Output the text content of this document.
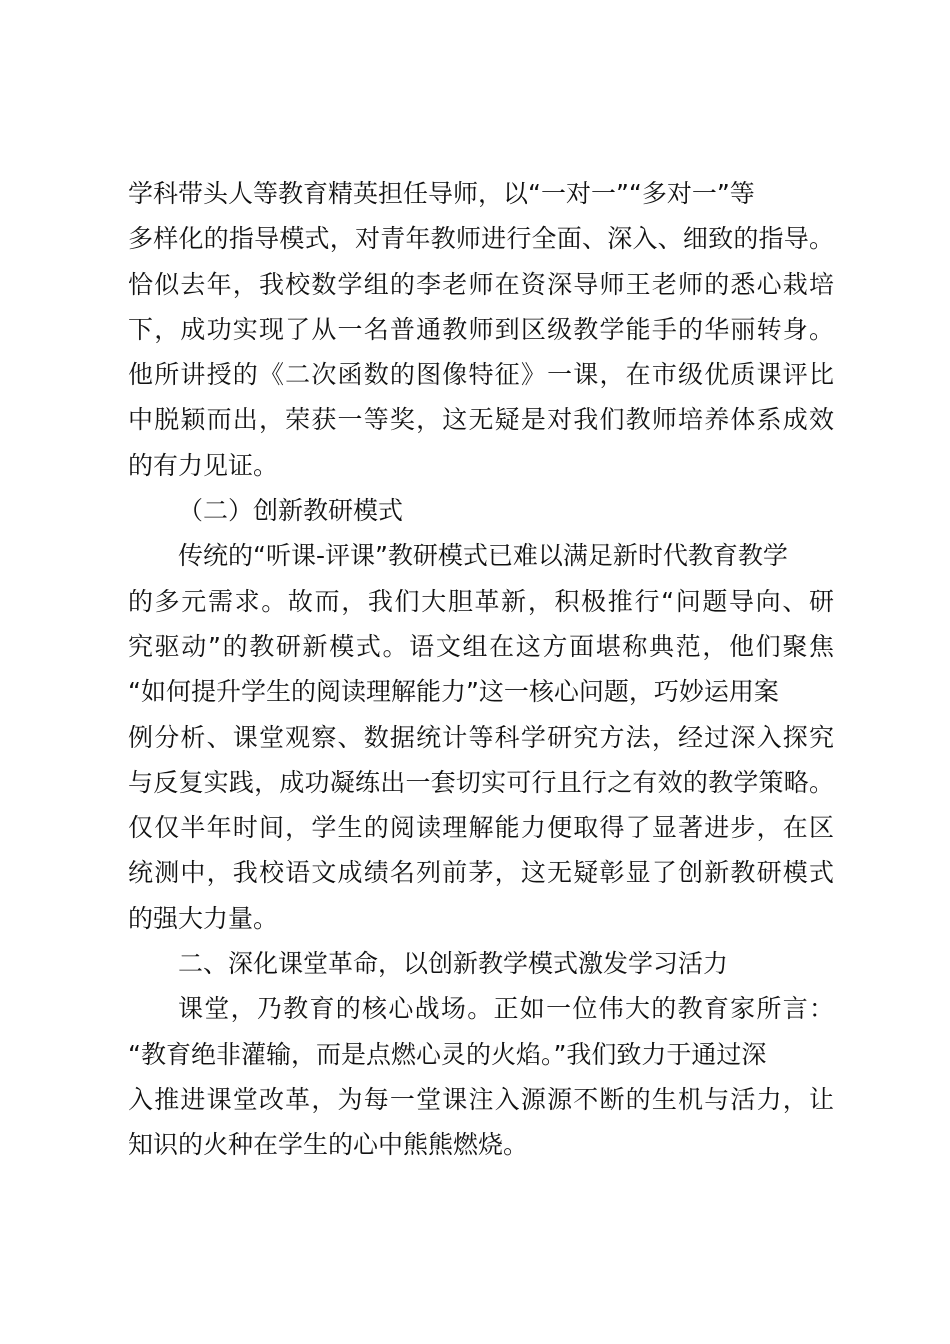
学科带头人等教育精英担任导师，以“一对一”“多对一”等
多样化的指导模式，对青年教师进行全面、深入、细致的指导。
恰似去年，我校数学组的李老师在资深导师王老师的悉心栽培
下，成功实现了从一名普通教师到区级教学能手的华丽转身。
他所讲授的《二次函数的图像特征》一课，在市级优质课评比
中脱颖而出，荣获一等奖，这无疑是对我们教师培养体系成效
的有力见证。
（二）创新教研模式
传统的“听课-评课”教研模式已难以满足新时代教育教学
的多元需求。故而，我们大胆革新，积极推行“问题导向、研
究驱动”的教研新模式。语文组在这方面堪称典范，他们聚焦
“如何提升学生的阅读理解能力”这一核心问题，巧妙运用案
例分析、课堂观察、数据统计等科学研究方法，经过深入探究
与反复实践，成功凝练出一套切实可行且行之有效的教学策略。
仅仅半年时间，学生的阅读理解能力便取得了显著进步，在区
统测中，我校语文成绩名列前茅，这无疑彰显了创新教研模式
的强大力量。
二、深化课堂革命，以创新教学模式激发学习活力
课堂，乃教育的核心战场。正如一位伟大的教育家所言：
“教育绝非灌输，而是点燃心灵的火焰。”我们致力于通过深
入推进课堂改革，为每一堂课注入源源不断的生机与活力，让
知识的火种在学生的心中熊熊燃烧。
